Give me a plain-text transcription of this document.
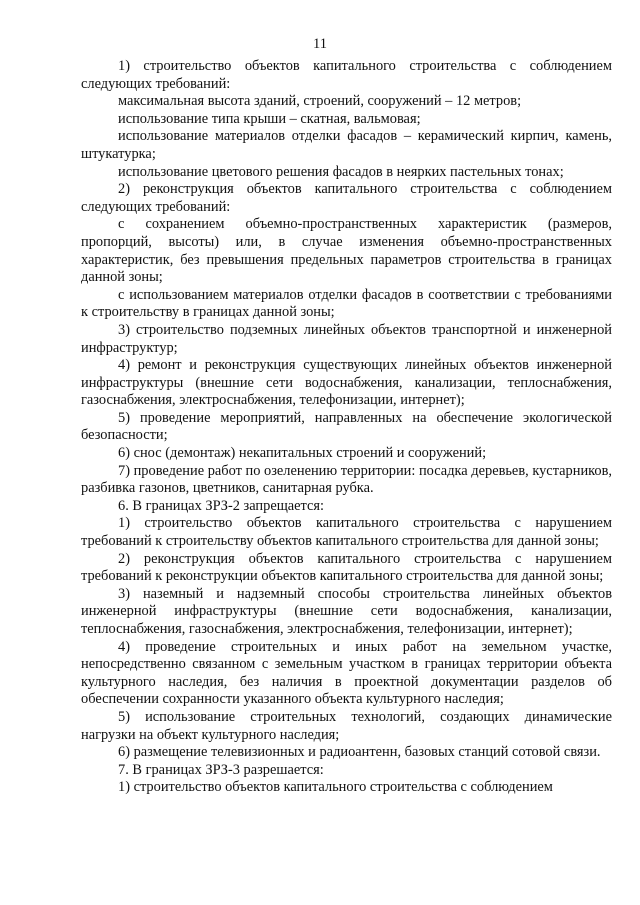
11

1) строительство объектов капитального строительства с соблюдением следующих требований:

максимальная высота зданий, строений, сооружений – 12 метров;

использование типа крыши – скатная, вальмовая;

использование материалов отделки фасадов – керамический кирпич, камень, штукатурка;

использование цветового решения фасадов в неярких пастельных тонах;

2) реконструкция объектов капитального строительства с соблюдением следующих требований:

с сохранением объемно-пространственных характеристик (размеров, пропорций, высоты) или, в случае изменения объемно-пространственных характеристик, без превышения предельных параметров строительства в границах данной зоны;

с использованием материалов отделки фасадов в соответствии с требованиями к строительству в границах данной зоны;

3) строительство подземных линейных объектов транспортной и инженерной инфраструктур;

4) ремонт и реконструкция существующих линейных объектов инженерной инфраструктуры (внешние сети водоснабжения, канализации, теплоснабжения, газоснабжения, электроснабжения, телефонизации, интернет);

5) проведение мероприятий, направленных на обеспечение экологической безопасности;

6) снос (демонтаж) некапитальных строений и сооружений;

7) проведение работ по озеленению территории: посадка деревьев, кустарников, разбивка газонов, цветников, санитарная рубка.

6. В границах ЗРЗ-2 запрещается:

1) строительство объектов капитального строительства с нарушением требований к строительству объектов капитального строительства для данной зоны;

2) реконструкция объектов капитального строительства с нарушением требований к реконструкции объектов капитального строительства для данной зоны;

3) наземный и надземный способы строительства линейных объектов инженерной инфраструктуры (внешние сети водоснабжения, канализации, теплоснабжения, газоснабжения, электроснабжения, телефонизации, интернет);

4) проведение строительных и иных работ на земельном участке, непосредственно связанном с земельным участком в границах территории объекта культурного наследия, без наличия в проектной документации разделов об обеспечении сохранности указанного объекта культурного наследия;

5) использование строительных технологий, создающих динамические нагрузки на объект культурного наследия;

6) размещение телевизионных и радиоантенн, базовых станций сотовой связи.

7. В границах ЗРЗ-3 разрешается:

1) строительство объектов капитального строительства с соблюдением
